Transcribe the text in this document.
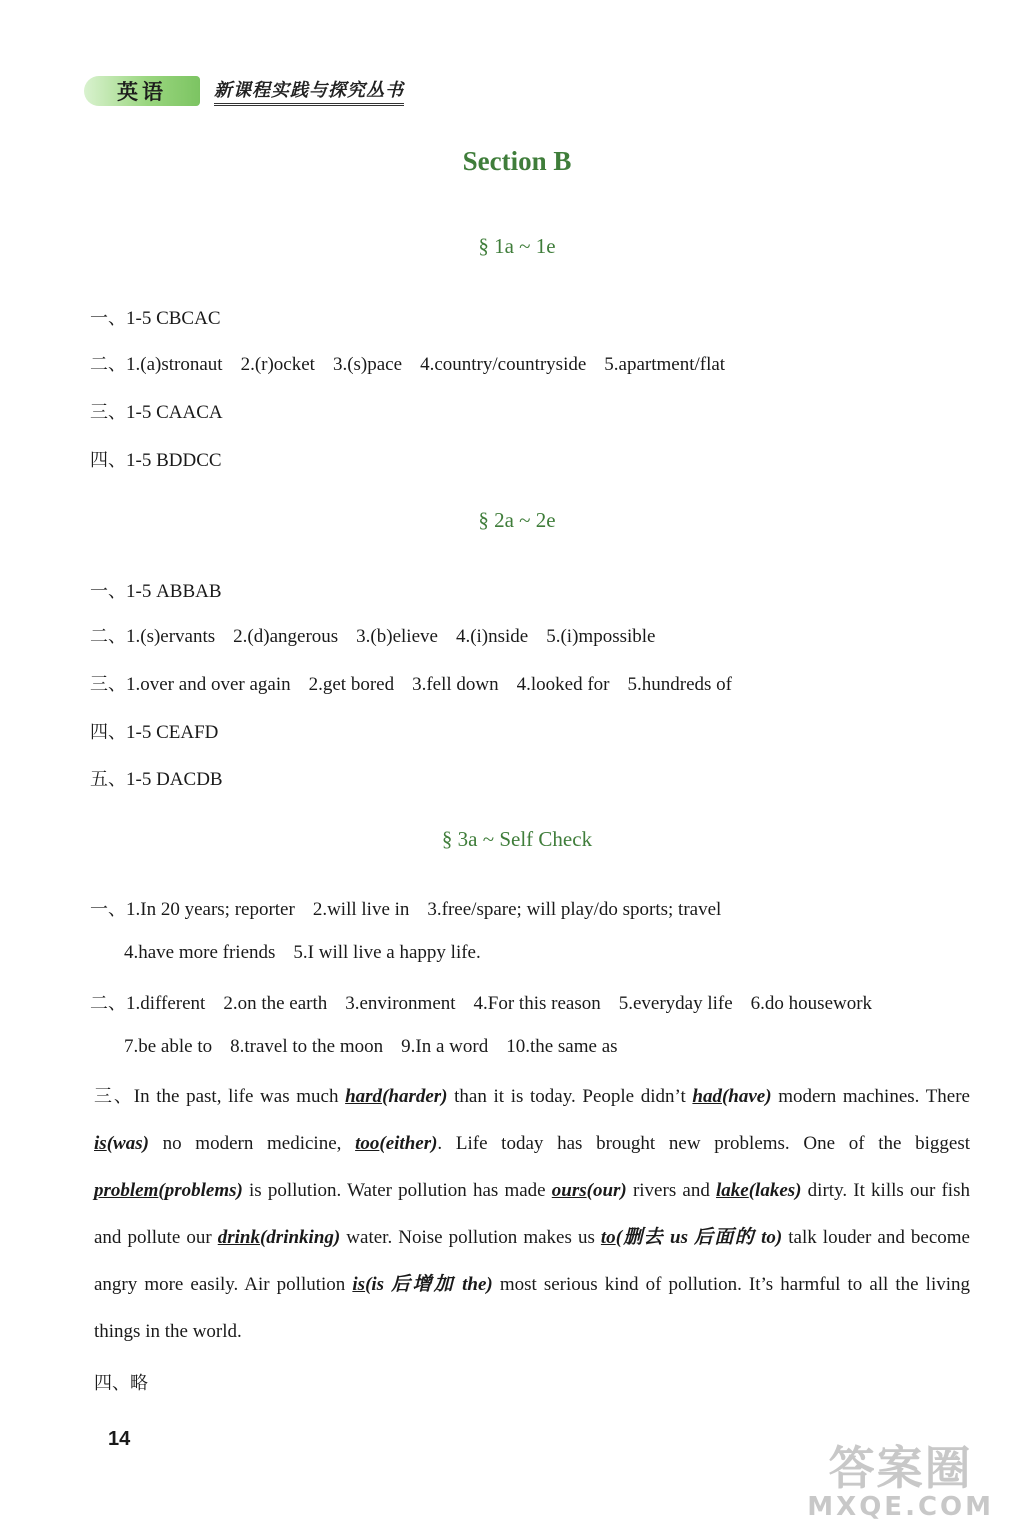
英语	新课程实践与探究丛书
Section B
§ 1a ~ 1e
一、1-5 CBCAC
二、1.(a)stronaut 2.(r)ocket 3.(s)pace 4.country/countryside 5.apartment/flat
三、1-5 CAACA
四、1-5 BDDCC
§ 2a ~ 2e
一、1-5 ABBAB
二、1.(s)ervants 2.(d)angerous 3.(b)elieve 4.(i)nside 5.(i)mpossible
三、1.over and over again 2.get bored 3.fell down 4.looked for 5.hundreds of
四、1-5 CEAFD
五、1-5 DACDB
§ 3a ~ Self Check
一、1.In 20 years; reporter 2.will live in 3.free/spare; will play/do sports; travel
4.have more friends 5.I will live a happy life.
二、1.different 2.on the earth 3.environment 4.For this reason 5.everyday life 6.do housework
7.be able to 8.travel to the moon 9.In a word 10.the same as
三、In the past, life was much hard(harder) than it is today. People didn’t had(have) modern machines. There is(was) no modern medicine, too(either). Life today has brought new problems. One of the biggest problem(problems) is pollution. Water pollution has made ours(our) rivers and lake(lakes) dirty. It kills our fish and pollute our drink(drinking) water. Noise pollution makes us to(删去 us 后面的 to) talk louder and become angry more easily. Air pollution is(is 后增加 the) most serious kind of pollution. It’s harmful to all the living things in the world.
四、略
14
答案圈
MXQE.COM
